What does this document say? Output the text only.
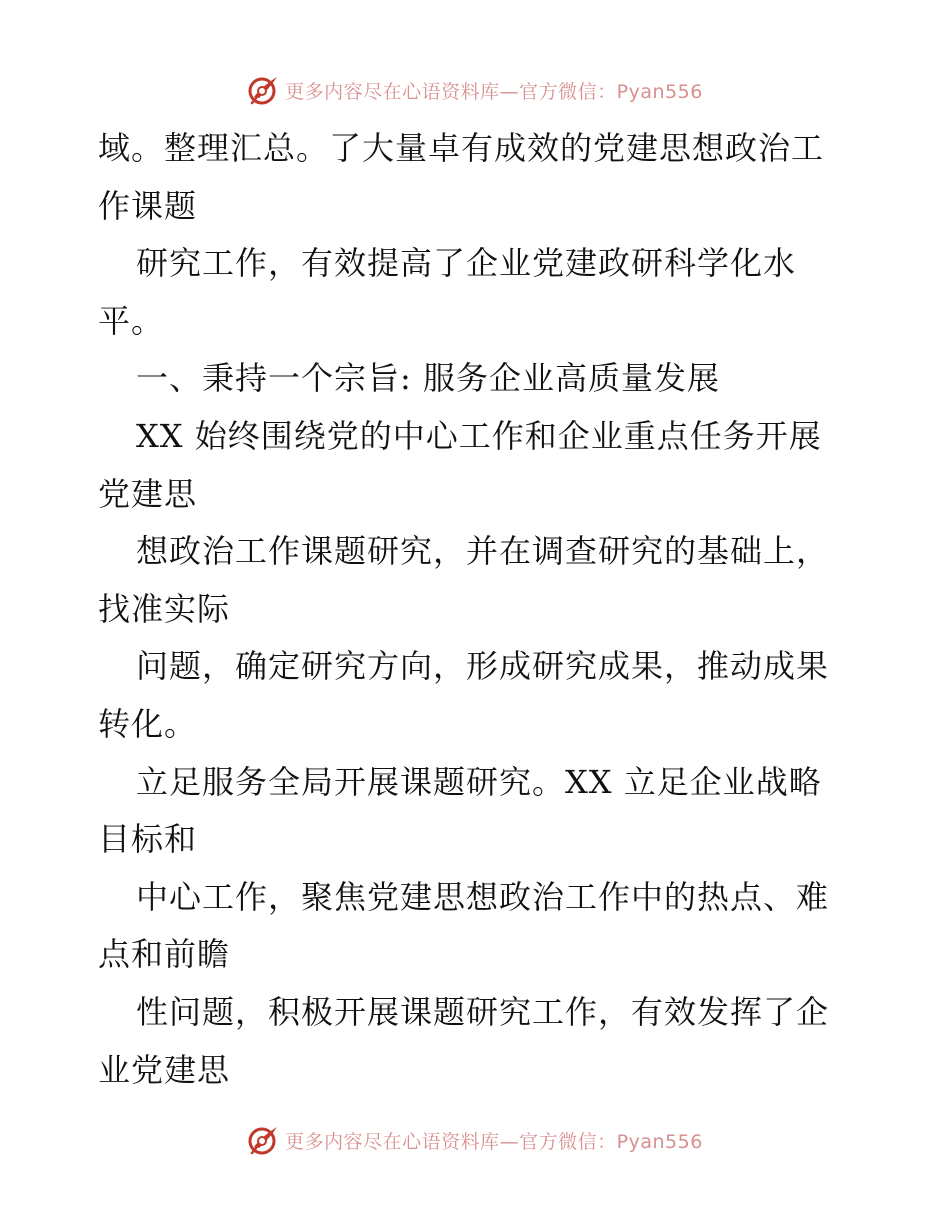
更多内容尽在心语资料库—官方微信：Pyan556
域。整理汇总。了大量卓有成效的党建思想政治工
作课题
研究工作，有效提高了企业党建政研科学化水
平。
一、秉持一个宗旨: 服务企业高质量发展
XX 始终围绕党的中心工作和企业重点任务开展
党建思
想政治工作课题研究，并在调查研究的基础上，
找准实际
问题，确定研究方向，形成研究成果，推动成果
转化。
立足服务全局开展课题研究。XX 立足企业战略
目标和
中心工作，聚焦党建思想政治工作中的热点、难
点和前瞻
性问题，积极开展课题研究工作，有效发挥了企
业党建思
更多内容尽在心语资料库—官方微信：Pyan556
